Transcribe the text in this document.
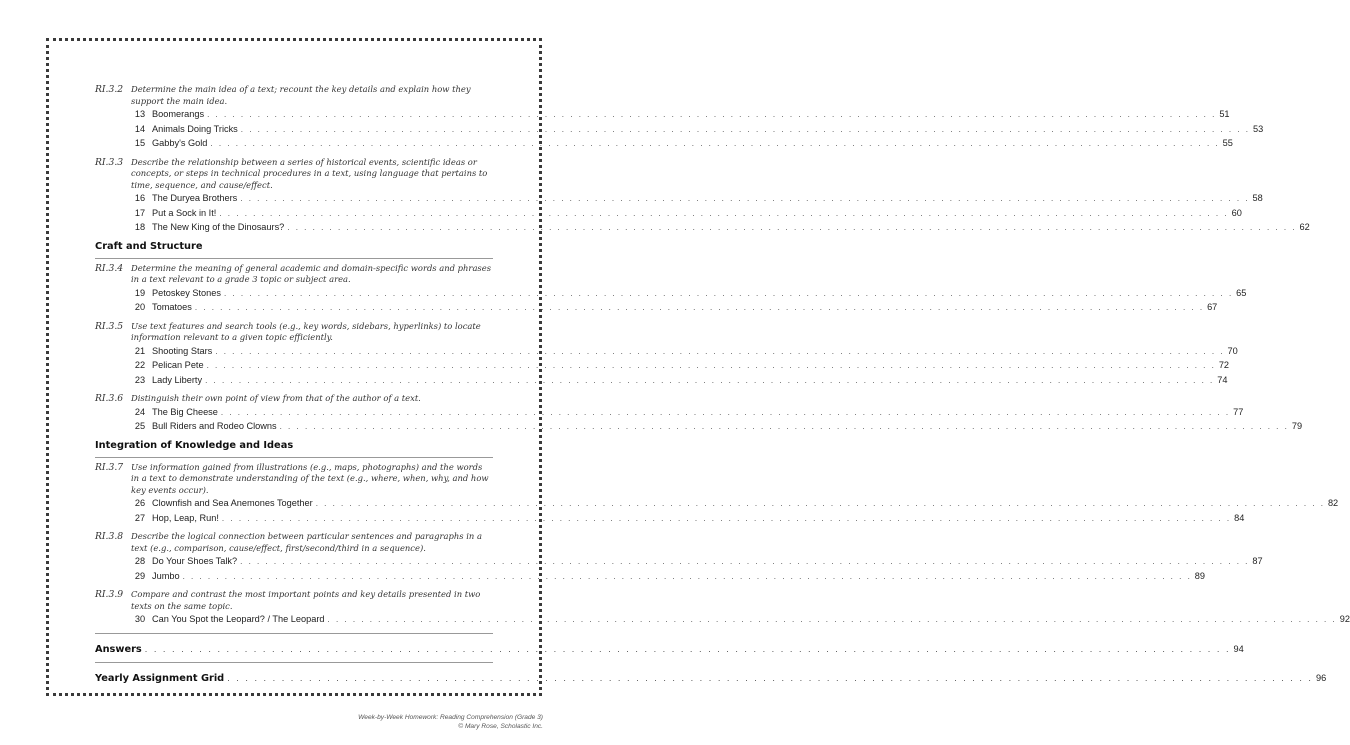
RI.3.2 Determine the main idea of a text; recount the key details and explain how they support the main idea.
13 Boomerangs . . . . . . . . . . . . . . . . . . . . . . . . . . . . . . . . . . . . . . . . . . . . . . . . . . . . . . . . . . . . . . . . . . . . . . . . . . . . . . . . . . . . . . . . . . . . . . . . . . . . . . . . . . . . . . . . . . . . . . . . 51
14 Animals Doing Tricks . . . . . . . . . . . . . . . . . . . . . . . . . . . . . . . . . . . . . . . . . . . . . . . . . . . . . . . . . . . . . . . . . . . . . . . . . . . . . . . . . . . . . . . . . . . . . . . . . . . . . . . . . . . . . . . . . . . . . . . . 53
15 Gabby's Gold . . . . . . . . . . . . . . . . . . . . . . . . . . . . . . . . . . . . . . . . . . . . . . . . . . . . . . . . . . . . . . . . . . . . . . . . . . . . . . . . . . . . . . . . . . . . . . . . . . . . . . . . . . . . . . . . . . . . . . . . 55
RI.3.3 Describe the relationship between a series of historical events, scientific ideas or concepts, or steps in technical procedures in a text, using language that pertains to time, sequence, and cause/effect.
16 The Duryea Brothers . . . . . . . . . . . . . . . . . . . . . . . . . . . . . . . . . . . . . . . . . . . . . . . . . . . . . . . . . . . . . . . . . . . . . . . . . . . . . . . . . . . . . . . . . . . . . . . . . . . . . . . . . . . . . . . . . . . . . . . . 58
17 Put a Sock in It! . . . . . . . . . . . . . . . . . . . . . . . . . . . . . . . . . . . . . . . . . . . . . . . . . . . . . . . . . . . . . . . . . . . . . . . . . . . . . . . . . . . . . . . . . . . . . . . . . . . . . . . . . . . . . . . . . . . . . . . . 60
18 The New King of the Dinosaurs? . . . . . . . . . . . . . . . . . . . . . . . . . . . . . . . . . . . . . . . . . . . . . . . . . . . . . . . . . . . . . . . . . . . . . . . . . . . . . . . . . . . . . . . . . . . . . . . . . . . . . . . . . . . . . . . . . . . . . . . . 62
Craft and Structure
RI.3.4 Determine the meaning of general academic and domain-specific words and phrases in a text relevant to a grade 3 topic or subject area.
19 Petoskey Stones . . . . . . . . . . . . . . . . . . . . . . . . . . . . . . . . . . . . . . . . . . . . . . . . . . . . . . . . . . . . . . . . . . . . . . . . . . . . . . . . . . . . . . . . . . . . . . . . . . . . . . . . . . . . . . . . . . . . . . . . 65
20 Tomatoes . . . . . . . . . . . . . . . . . . . . . . . . . . . . . . . . . . . . . . . . . . . . . . . . . . . . . . . . . . . . . . . . . . . . . . . . . . . . . . . . . . . . . . . . . . . . . . . . . . . . . . . . . . . . . . . . . . . . . . . . 67
RI.3.5 Use text features and search tools (e.g., key words, sidebars, hyperlinks) to locate information relevant to a given topic efficiently.
21 Shooting Stars . . . . . . . . . . . . . . . . . . . . . . . . . . . . . . . . . . . . . . . . . . . . . . . . . . . . . . . . . . . . . . . . . . . . . . . . . . . . . . . . . . . . . . . . . . . . . . . . . . . . . . . . . . . . . . . . . . . . . . . . 70
22 Pelican Pete . . . . . . . . . . . . . . . . . . . . . . . . . . . . . . . . . . . . . . . . . . . . . . . . . . . . . . . . . . . . . . . . . . . . . . . . . . . . . . . . . . . . . . . . . . . . . . . . . . . . . . . . . . . . . . . . . . . . . . . . 72
23 Lady Liberty . . . . . . . . . . . . . . . . . . . . . . . . . . . . . . . . . . . . . . . . . . . . . . . . . . . . . . . . . . . . . . . . . . . . . . . . . . . . . . . . . . . . . . . . . . . . . . . . . . . . . . . . . . . . . . . . . . . . . . . . 74
RI.3.6 Distinguish their own point of view from that of the author of a text.
24 The Big Cheese . . . . . . . . . . . . . . . . . . . . . . . . . . . . . . . . . . . . . . . . . . . . . . . . . . . . . . . . . . . . . . . . . . . . . . . . . . . . . . . . . . . . . . . . . . . . . . . . . . . . . . . . . . . . . . . . . . . . . . . . 77
25 Bull Riders and Rodeo Clowns . . . . . . . . . . . . . . . . . . . . . . . . . . . . . . . . . . . . . . . . . . . . . . . . . . . . . . . . . . . . . . . . . . . . . . . . . . . . . . . . . . . . . . . . . . . . . . . . . . . . . . . . . . . . . . . . . . . . . . . . 79
Integration of Knowledge and Ideas
RI.3.7 Use information gained from illustrations (e.g., maps, photographs) and the words in a text to demonstrate understanding of the text (e.g., where, when, why, and how key events occur).
26 Clownfish and Sea Anemones Together . . . . . . . . . . . . . . . . . . . . . . . . . . . . . . . . . . . . . . . . . . . . . . . . . . . . . . . . . . . . . . . . . . . . . . . . . . . . . . . . . . . . . . . . . . . . . . . . . . . . . . . . . . . . . . . . . . . . . . . . 82
27 Hop, Leap, Run! . . . . . . . . . . . . . . . . . . . . . . . . . . . . . . . . . . . . . . . . . . . . . . . . . . . . . . . . . . . . . . . . . . . . . . . . . . . . . . . . . . . . . . . . . . . . . . . . . . . . . . . . . . . . . . . . . . . . . . . . 84
RI.3.8 Describe the logical connection between particular sentences and paragraphs in a text (e.g., comparison, cause/effect, first/second/third in a sequence).
28 Do Your Shoes Talk? . . . . . . . . . . . . . . . . . . . . . . . . . . . . . . . . . . . . . . . . . . . . . . . . . . . . . . . . . . . . . . . . . . . . . . . . . . . . . . . . . . . . . . . . . . . . . . . . . . . . . . . . . . . . . . . . . . . . . . . . 87
29 Jumbo . . . . . . . . . . . . . . . . . . . . . . . . . . . . . . . . . . . . . . . . . . . . . . . . . . . . . . . . . . . . . . . . . . . . . . . . . . . . . . . . . . . . . . . . . . . . . . . . . . . . . . . . . . . . . . . . . . . . . . . . 89
RI.3.9 Compare and contrast the most important points and key details presented in two texts on the same topic.
30 Can You Spot the Leopard? / The Leopard . . . . . . . . . . . . . . . . . . . . . . . . . . . . . . . . . . . . . . . . . . . . . . . . . . . . . . . . . . . . . . . . . . . . . . . . . . . . . . . . . . . . . . . . . . . . . . . . . . . . . . . . . . . . . . . . . . . . . . . . 92
Answers . . . . . . . . . . . . . . . . . . . . . . . . . . . . . . . . . . . . . . . . . . . . . . . . . . . . . . . . . . . . . . . . . . . . . . . . . . . . . . . . . . . . . . . . . . . . . . . . . . . . . . . . . . . . . . . . . . . . . . . . 94
Yearly Assignment Grid . . . . . . . . . . . . . . . . . . . . . . . . . . . . . . . . . . . . . . . . . . . . . . . . . . . . . . . . . . . . . . . . . . . . . . . . . . . . . . . . . . . . . . . . . . . . . . . . . . . . . . . . . . . . . . . . . . . . . . . . 96
Week-by-Week Homework: Reading Comprehension (Grade 3)
© Mary Rose, Scholastic Inc.
